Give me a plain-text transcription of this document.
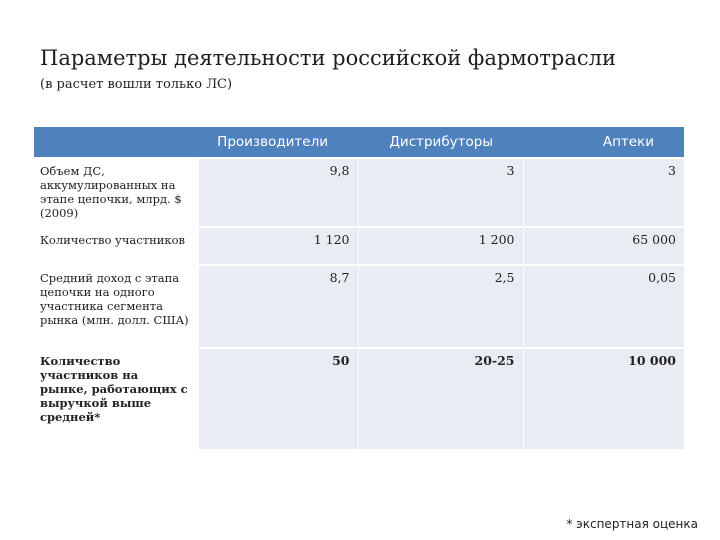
Параметры деятельности российской фармотрасли
(в расчет вошли только ЛС)
	Производители	Дистрибуторы	Аптеки
Объем ДС, аккумулированных на этапе цепочки, млрд. $ (2009)	9,8	3	3
Количество участников	1 120	1 200	65 000
Средний доход с этапа цепочки на одного участника сегмента рынка (млн. долл. США)	8,7	2,5	0,05
Количество участников на рынке, работающих с выручкой выше средней*	50	20-25	10 000
* экспертная оценка
